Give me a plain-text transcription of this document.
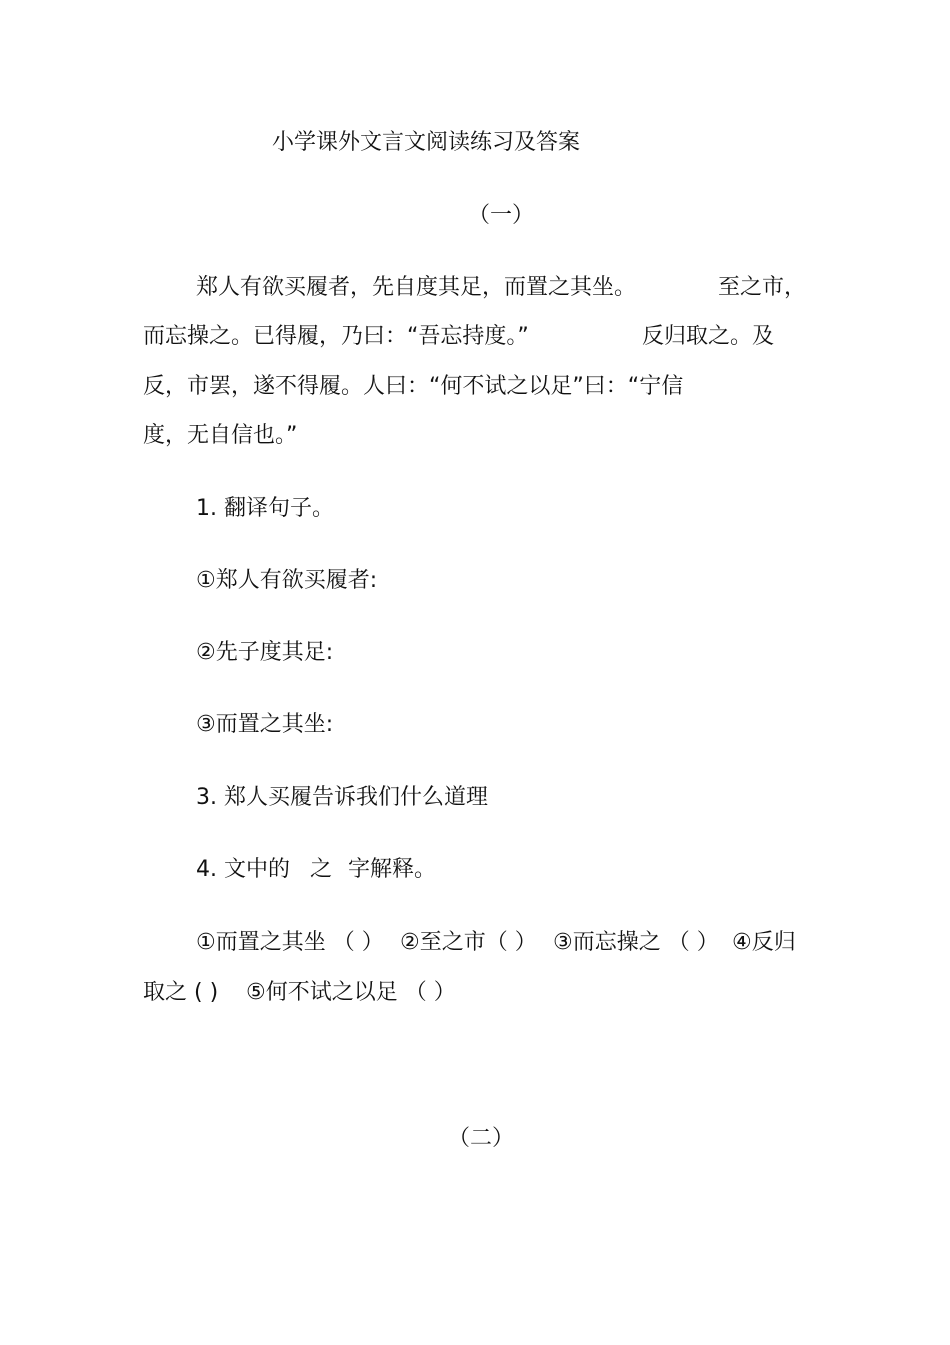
小学课外文言文阅读练习及答案
（一）
郑人有欲买履者，先自度其足，而置之其坐。	至之市，
而忘操之。已得履，乃曰：“吾忘持度。”	反归取之。及
反，市罢，遂不得履。人曰：“何不试之以足”曰：“宁信
度，无自信也。”
1. 翻译句子。
①郑人有欲买履者:
②先子度其足:
③而置之其坐:
3. 郑人买履告诉我们什么道理
4. 文中的 之 字解释。
①而置之其坐 （ ） ②至之市（ ） ③而忘操之 （ ） ④反归
取之 ( ) ⑤何不试之以足 （ ）
（二）
